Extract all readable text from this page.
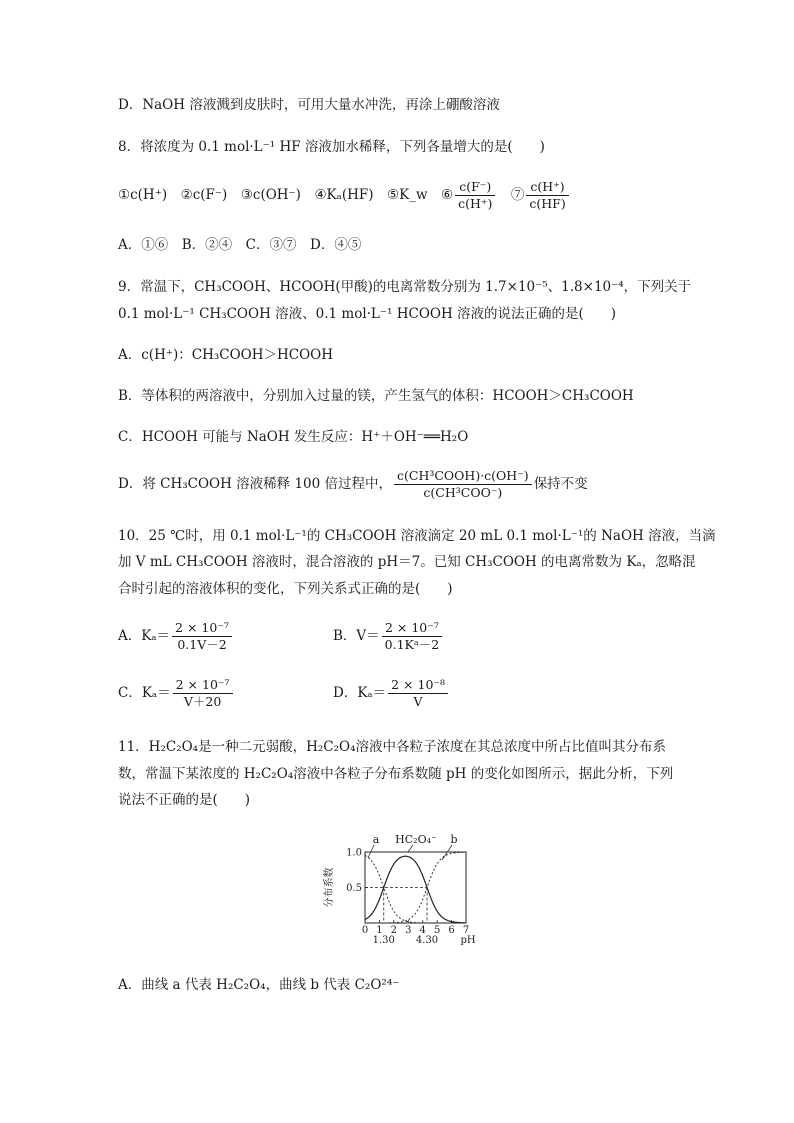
D．NaOH 溶液溅到皮肤时，可用大量水冲洗，再涂上硼酸溶液
8．将浓度为 0.1 mol·L⁻¹ HF 溶液加水稀释，下列各量增大的是(　　)
①c(H⁺)　②c(F⁻)　③c(OH⁻)　④Kₐ(HF)　⑤K_w　⑥ $\frac{c(F^-)}{c(H^+)}$
　 ⑦ $\frac{c(H^+)}{c(HF)}$
A．①⑥　B．②④　C．③⑦　D．④⑤
9．常温下，CH₃COOH、HCOOH(甲酸)的电离常数分别为 1.7×10⁻⁵、1.8×10⁻⁴，下列关于
0.1 mol·L⁻¹ CH₃COOH 溶液、0.1 mol·L⁻¹ HCOOH 溶液的说法正确的是(　　)
A．c(H⁺)：CH₃COOH＞HCOOH
B．等体积的两溶液中，分别加入过量的镁，产生氢气的体积：HCOOH＞CH₃COOH
C．HCOOH 可能与 NaOH 发生反应：H⁺＋OH⁻══H₂O
D．将 CH₃COOH 溶液稀释 100 倍过程中， $\frac{\text{c(CH³COOH)·c(OH⁻)}}{\text{c(CH³COO⁻)}}$ 保持不变
10．25 ℃时，用 0.1 mol·L⁻¹的 CH₃COOH 溶液滴定 20 mL 0.1 mol·L⁻¹的 NaOH 溶液，当滴
加 V mL CH₃COOH 溶液时，混合溶液的 pH＝7。已知 CH₃COOH 的电离常数为 Kₐ，忽略混
合时引起的溶液体积的变化，下列关系式正确的是(　　)
A．$K_a= \frac{\text{2 × 10⁻⁷}}{0.1V-2}$	B．$V= \frac{\text{2 × 10⁻⁷}}{\text{0.1Kᵃ－2}}$
C．$K_a= \frac{\text{2 × 10⁻⁷}}{V+20}$	D．$K_a= \frac{\text{2 × 10⁻⁸}}{V}$
11．H₂C₂O₄是一种二元弱酸，H₂C₂O₄溶液中各粒子浓度在其总浓度中所占比值叫其分布系
数，常温下某浓度的 H₂C₂O₄溶液中各粒子分布系数随 pH 的变化如图所示，据此分析，下列
说法不正确的是(　　)
0 1 2 3 4 5 6 7
0.5
1.0
分布系数
pH
1.30 4.30
a HC₂O₄⁻ b
A．曲线 a 代表 H₂C₂O₄，曲线 b 代表 C₂O²⁴⁻
